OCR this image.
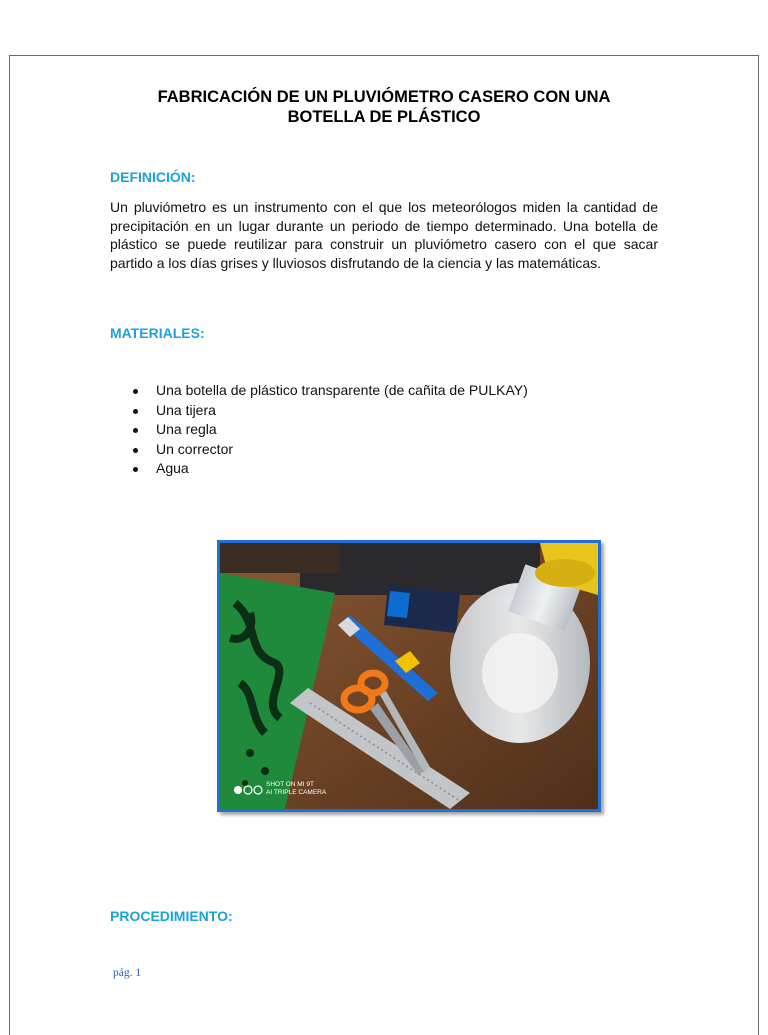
FABRICACIÓN DE UN PLUVIÓMETRO CASERO CON UNA
BOTELLA DE PLÁSTICO
DEFINICIÓN:

Un pluviómetro es un instrumento con el que los meteorólogos miden la cantidad de precipitación en un lugar durante un periodo de tiempo determinado. Una botella de plástico se puede reutilizar para construir un pluviómetro casero con el que sacar partido a los días grises y lluviosos disfrutando de la ciencia y las matemáticas.

MATERIALES:
Una botella de plástico transparente (de cañita de PULKAY)
Una tijera
Una regla
Un corrector
Agua
SHOT ON MI 9T
AI TRIPLE CAMERA
PROCEDIMIENTO:
pág. 1
